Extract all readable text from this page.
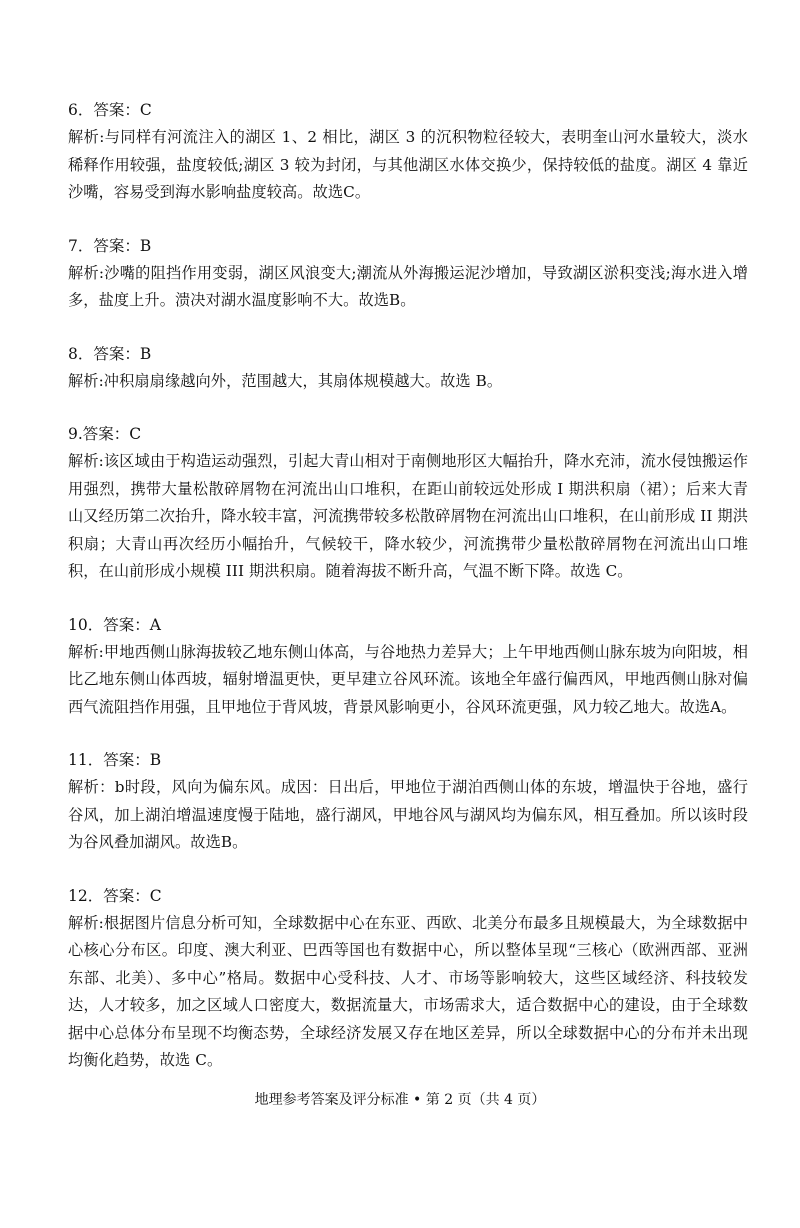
6．答案：C
解析:与同样有河流注入的湖区 1、2 相比，湖区 3 的沉积物粒径较大，表明奎山河水量较大，淡水稀释作用较强，盐度较低;湖区 3 较为封闭，与其他湖区水体交换少，保持较低的盐度。湖区 4 靠近沙嘴，容易受到海水影响盐度较高。故选C。
7．答案：B
解析:沙嘴的阻挡作用变弱，湖区风浪变大;潮流从外海搬运泥沙增加，导致湖区淤积变浅;海水进入增多，盐度上升。溃决对湖水温度影响不大。故选B。
8．答案：B
解析:冲积扇扇缘越向外，范围越大，其扇体规模越大。故选 B。
9.答案：C
解析:该区域由于构造运动强烈，引起大青山相对于南侧地形区大幅抬升，降水充沛，流水侵蚀搬运作用强烈，携带大量松散碎屑物在河流出山口堆积，在距山前较远处形成 I 期洪积扇（裙）；后来大青山又经历第二次抬升，降水较丰富，河流携带较多松散碎屑物在河流出山口堆积，在山前形成 II 期洪积扇；大青山再次经历小幅抬升，气候较干，降水较少，河流携带少量松散碎屑物在河流出山口堆积，在山前形成小规模 III 期洪积扇。随着海拔不断升高，气温不断下降。故选 C。
10．答案：A
解析:甲地西侧山脉海拔较乙地东侧山体高，与谷地热力差异大；上午甲地西侧山脉东坡为向阳坡，相比乙地东侧山体西坡，辐射增温更快，更早建立谷风环流。该地全年盛行偏西风，甲地西侧山脉对偏西气流阻挡作用强，且甲地位于背风坡，背景风影响更小，谷风环流更强，风力较乙地大。故选A。
11．答案：B
解析：b时段，风向为偏东风。成因：日出后，甲地位于湖泊西侧山体的东坡，增温快于谷地，盛行谷风，加上湖泊增温速度慢于陆地，盛行湖风，甲地谷风与湖风均为偏东风，相互叠加。所以该时段为谷风叠加湖风。故选B。
12．答案：C
解析:根据图片信息分析可知，全球数据中心在东亚、西欧、北美分布最多且规模最大，为全球数据中心核心分布区。印度、澳大利亚、巴西等国也有数据中心，所以整体呈现“三核心（欧洲西部、亚洲东部、北美）、多中心”格局。数据中心受科技、人才、市场等影响较大，这些区域经济、科技较发达，人才较多，加之区域人口密度大，数据流量大，市场需求大，适合数据中心的建设，由于全球数据中心总体分布呈现不均衡态势，全球经济发展又存在地区差异，所以全球数据中心的分布并未出现均衡化趋势，故选 C。
地理参考答案及评分标准 • 第 2 页（共 4 页）
